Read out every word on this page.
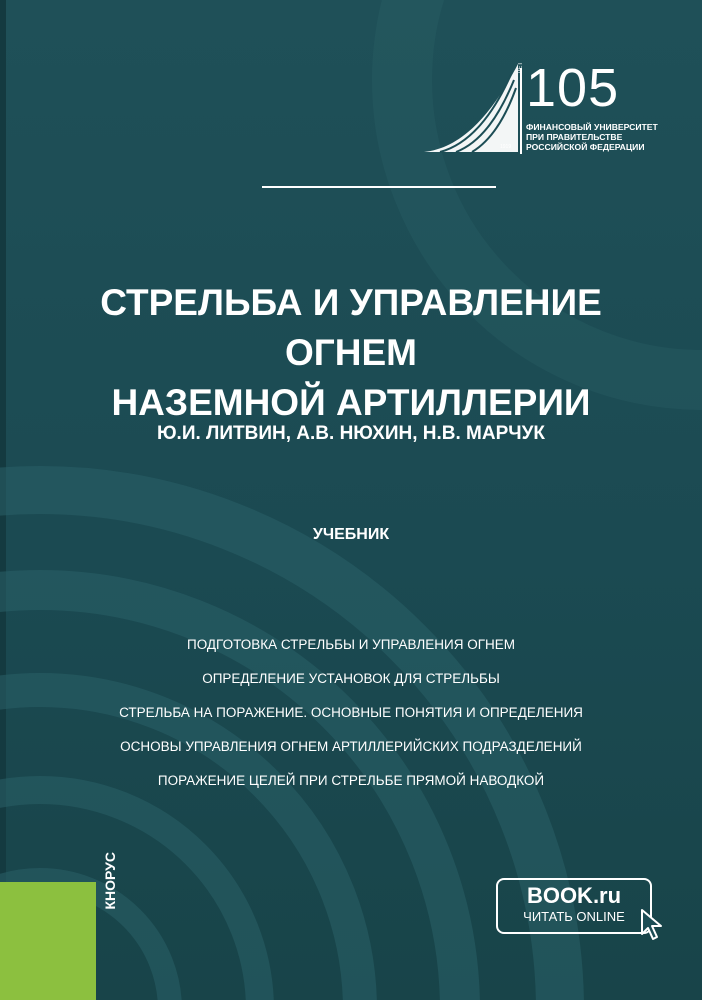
1919
ЛЕТ 105
ФИНАНСОВЫЙ УНИВЕРСИТЕТ
ПРИ ПРАВИТЕЛЬСТВЕ
РОССИЙСКОЙ ФЕДЕРАЦИИ
СТРЕЛЬБА И УПРАВЛЕНИЕ ОГНЕМ
НАЗЕМНОЙ АРТИЛЛЕРИИ
Ю.И. ЛИТВИН, А.В. НЮХИН, Н.В. МАРЧУК
УЧЕБНИК
ПОДГОТОВКА СТРЕЛЬБЫ И УПРАВЛЕНИЯ ОГНЕМ
ОПРЕДЕЛЕНИЕ УСТАНОВОК ДЛЯ СТРЕЛЬБЫ
СТРЕЛЬБА НА ПОРАЖЕНИЕ. ОСНОВНЫЕ ПОНЯТИЯ И ОПРЕДЕЛЕНИЯ
ОСНОВЫ УПРАВЛЕНИЯ ОГНЕМ АРТИЛЛЕРИЙСКИХ ПОДРАЗДЕЛЕНИЙ
ПОРАЖЕНИЕ ЦЕЛЕЙ ПРИ СТРЕЛЬБЕ ПРЯМОЙ НАВОДКОЙ
КНОРУС	BOOK.ru
ЧИТАТЬ ONLINE
